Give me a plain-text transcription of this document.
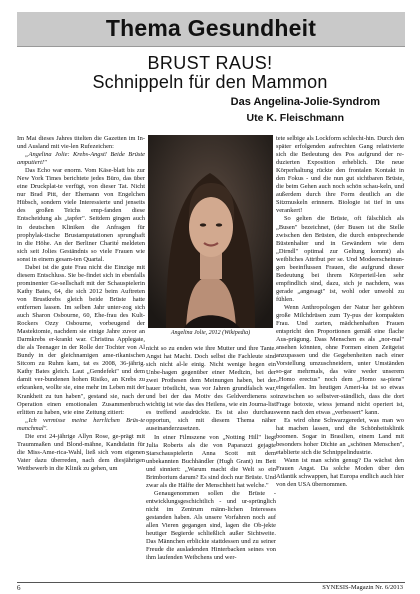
Thema Gesundheit
BRUST RAUS!
Schnippeln für den Mammon
Das Angelina-Jolie-Syndrom
Ute K. Fleischmann

Im Mai dieses Jahres titelten die Gazetten im In- und Ausland mit vie-len Rufezeichen:

„Angelina Jolie: Krebs-Angst! Beide Brüste amputiert!"

Das Echo war enorm. Vom Käse-blatt bis zur New York Times berichtete jedes Büro, das über eine Druckplat-te verfügt, von dieser Tat. Nicht nur Brad Pitt, der Ehemann von Engelchen Hübsch, sondern viele Interessierte und jenseits des großen Teichs emp-fanden diese Entscheidung als „tapfer". Seitdem gingen auch in deutschen Kliniken die Anfragen für prophylak-tische Brustamputationen sprunghaft in die Höhe. An der Berliner Charité meldeten sich seit Jolies Geständnis so viele Frauen wie sonst in einem gesam-ten Quartal.

Dabei ist die gute Frau nicht die Einzige mit diesem Entschluss. Sie be-findet sich in ebenfalls prominenter Ge-sellschaft mit der Schauspielerin Kathy Bates, 64, die sich 2012 beim Auftreten von Brustkrebs gleich beide Brüste hatte entfernen lassen. Im selben Jahr unter-zog sich auch Sharon Osbourne, 60, Ehe-frau des Kult-Rockers Ozzy Osbourne, vorbeugend der Mastektomie, nachdem sie einige Jahre zuvor an Darmkrebs er-krankt war. Christina Applegate, die als Teenager in der Rolle der Tochter von Al Bundy in der gleichnamigen ame-rikanischen Sitcom zu Ruhm kam, tat es 2008, 36-jährig. Kathy Bates gleich. Laut „Gendefekt" und dem damit ver-bundenen hohen Risiko, an Krebs zu erkranken, wollte sie, eine mehr im Leben mit der Krankheit zu tun haben", gestand sie, nach der Operation einen emotionalen Zusammenbruch erlitten zu haben, wie eine Zeitung zitiert:

„Ich vermisse meine herrlichen Brüs-te manchmal".

Die erst 24-jährige Allyn Rose, ge-prägt mit Traummaßen und Blond-mähne, Kandidatin für die Miss-Ame-rica-Wahl, ließ sich vom eigenen Vater dazu überreden, nach dem diesjährigen Wettbewerb in die Klinik zu gehen, um

Angelina Jolie, 2012 (Wikipedia)

nicht so zu enden wie ihre Mutter und ihre Tante. Angst hat Macht. Doch selbst die Fachleute sind sich nicht al-le einig. Nicht wenige hegen ein Unbe-hagen gegenüber einer Medizin, bei der zwei Prothesen dem Meinungen haben, bei der bauer tröstlicht, was vor Jahren grundfalsch war, und bei der das Motiv des Geldverdienens so wichtig ist wie das des Heilens, wie ein Journa-list es treffend ausdrückte. Es ist also durchaus opportun, sich mit diesem Thema näher auseinanderzusetzen.

In einer Filmszene von „Notting Hill" liegt Julia Roberts als die von Paparazzi gejagte Starschauspielerin Anna Scott mit dem unbekannten Buchhändler (Hugh Grant) im Bett und sinniert: „Warum macht die Welt so ein Brimborium darum? Es sind doch nur Brüste. Und zwar als die Hälfte der Menschheit hat welche."

Genaugenommen sollen die Brüste - entwicklungsgeschichtlich - und ur-sprünglich nicht im Zentrum männ-lichen Interesses gestanden haben. Als unsere Vorfahren noch auf allen Vieren gegangen sind, lagen die Ob-jekte heutiger Begierde schließlich außer Sichtweite. Das Männchen erblickte stattdessen und zu seiner Freude die ausladenden Hinterbacken seines von ihm laufenden Weibchens und wer-

tete selbige als Lockform schlecht-hin. Durch den später erfolgenden aufrechten Gang relativierte sich die Bedeutung des Pos aufgrund der re-duzierten Exposition erheblich. Die neue Körperhaltung rückte den frontalen Kontakt in den Fokus - und die nun gut sichtbaren Brüste, die beim Gehen auch noch schön schau-keln, und außerdem durch ihre Form deutlich an die Sitzmuskeln erinnern. Biologie ist tief in uns verankert!

So gelten die Brüste, oft fälschlich als „Busen" bezeichnet, (der Busen ist die Stelle zwischen den Brüsten, die durch entsprechende Büstenhalter und in Gewändern wie dem „Dirndl" optimal zur Geltung kommt) als weibliches Attribut per se. Und Modeerscheinun-gen beeinflussen Frauen, die aufgrund dieser Bedeutung bei ihrem Körperteil-len sehr empfindlich sind, dazu, sich je nachdem, was gerade „angesagt" ist, wohl oder unwohl zu fühlen.

Wenn Anthropologen der Natur her gehören große Milchdrüsen zum Ty-pus der kompakten Frau. Und zarten, mädchenhaften Frauen entspricht den Proportionen gemäß eine flache Aus-prägung. Dass Menschen es als „nor-mal" ansehen könnten, ohne Formen einen Zeitgeist anzupassen und die Gegebenheiten nach einer Vorstellung umzuschneidern, unter Umständen so-gar mehrmals, das wäre weder unserem „Homo erectus" noch dem „Homo sa-piens" eingefallen. Im heutigen Ameri-ka ist so etwas inzwischen so selbstver-ständlich, dass die dort Frage botoxte, wiess jemand nicht operiert ist, wenn nach den etwas „verbessert" kann.

Es wird ohne Schwarzgeredet, was man wo hat machen lassen, und die Schönheitsklinik boomen. Sogar in Brasilien, einem Land mit besonders hoher Dichte an „schönen Menschen", etablierte sich die Schnippelindustrie.

Wann ist man schön genug? Da wächst den Frauen Angst. Da solche Moden über den Atlantik schwappen, hat Europa endlich auch hier von den USA übernommen.

6	SYNESIS-Magazin Nr. 6/2013
